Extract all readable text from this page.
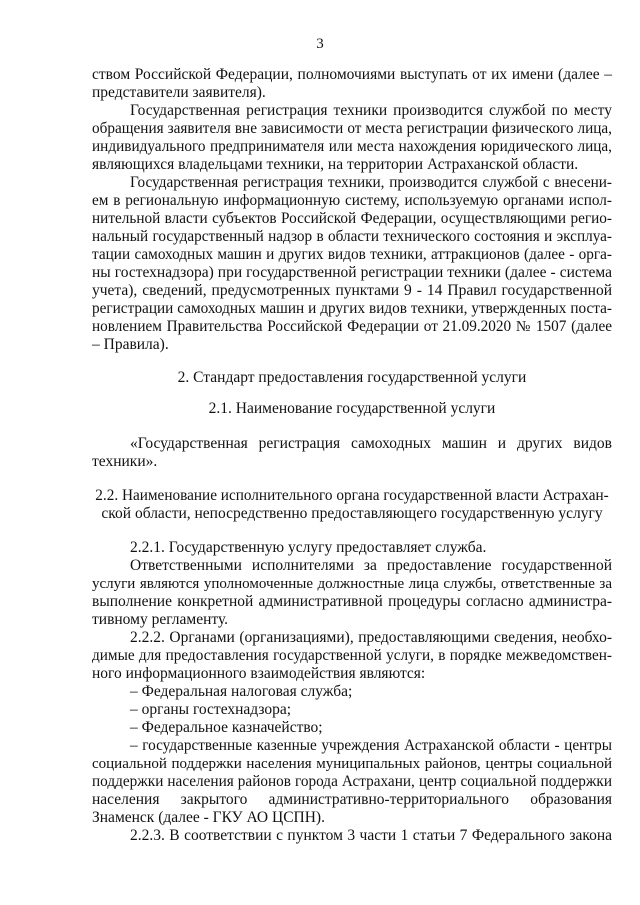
3
ством Российской Федерации, полномочиями выступать от их имени (далее –
представители заявителя).
Государственная регистрация техники производится службой по месту
обращения заявителя вне зависимости от места регистрации физического лица,
индивидуального предпринимателя или места нахождения юридического лица,
являющихся владельцами техники, на территории Астраханской области.
Государственная регистрация техники, производится службой с внесени-
ем в региональную информационную систему, используемую органами испол-
нительной власти субъектов Российской Федерации, осуществляющими регио-
нальный государственный надзор в области технического состояния и эксплуа-
тации самоходных машин и других видов техники, аттракционов (далее - орга-
ны гостехнадзора) при государственной регистрации техники (далее - система
учета), сведений, предусмотренных пунктами 9 - 14 Правил государственной
регистрации самоходных машин и других видов техники, утвержденных поста-
новлением Правительства Российской Федерации от 21.09.2020 № 1507 (далее
– Правила).
2. Стандарт предоставления государственной услуги
2.1. Наименование государственной услуги
«Государственная регистрация самоходных машин и других видов
техники».
2.2. Наименование исполнительного органа государственной власти Астрахан-
ской области, непосредственно предоставляющего государственную услугу
2.2.1. Государственную услугу предоставляет служба.
Ответственными исполнителями за предоставление государственной
услуги являются уполномоченные должностные лица службы, ответственные за
выполнение конкретной административной процедуры согласно администра-
тивному регламенту.
2.2.2. Органами (организациями), предоставляющими сведения, необхо-
димые для предоставления государственной услуги, в порядке межведомствен-
ного информационного взаимодействия являются:
– Федеральная налоговая служба;
– органы гостехнадзора;
– Федеральное казначейство;
– государственные казенные учреждения Астраханской области - центры
социальной поддержки населения муниципальных районов, центры социальной
поддержки населения районов города Астрахани, центр социальной поддержки
населения закрытого административно-территориального образования
Знаменск (далее - ГКУ АО ЦСПН).
2.2.3. В соответствии с пунктом 3 части 1 статьи 7 Федерального закона
